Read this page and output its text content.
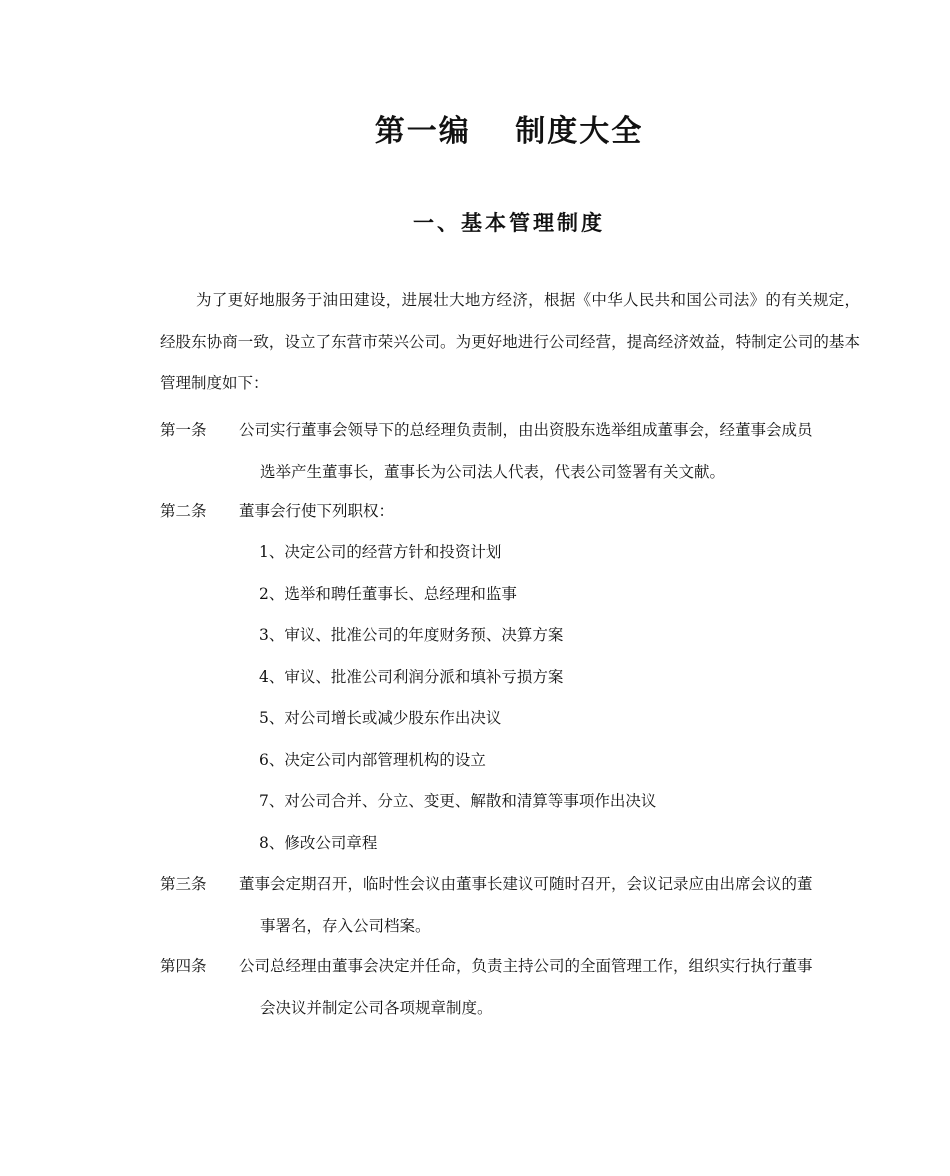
第一编　 制度大全
一、基本管理制度

为了更好地服务于油田建设，进展壮大地方经济，根据《中华人民共和国公司法》的有关规定，经股东协商一致，设立了东营市荣兴公司。为更好地进行公司经营，提高经济效益，特制定公司的基本管理制度如下：

第一条 公司实行董事会领导下的总经理负责制，由出资股东选举组成董事会，经董事会成员
选举产生董事长，董事长为公司法人代表，代表公司签署有关文献。
第二条 董事会行使下列职权：
1、决定公司的经营方针和投资计划
2、选举和聘任董事长、总经理和监事
3、审议、批准公司的年度财务预、决算方案
4、审议、批准公司利润分派和填补亏损方案
5、对公司增长或减少股东作出决议
6、决定公司内部管理机构的设立
7、对公司合并、分立、变更、解散和清算等事项作出决议
8、修改公司章程
第三条 董事会定期召开，临时性会议由董事长建议可随时召开，会议记录应由出席会议的董
事署名，存入公司档案。
第四条 公司总经理由董事会决定并任命，负责主持公司的全面管理工作，组织实行执行董事
会决议并制定公司各项规章制度。
